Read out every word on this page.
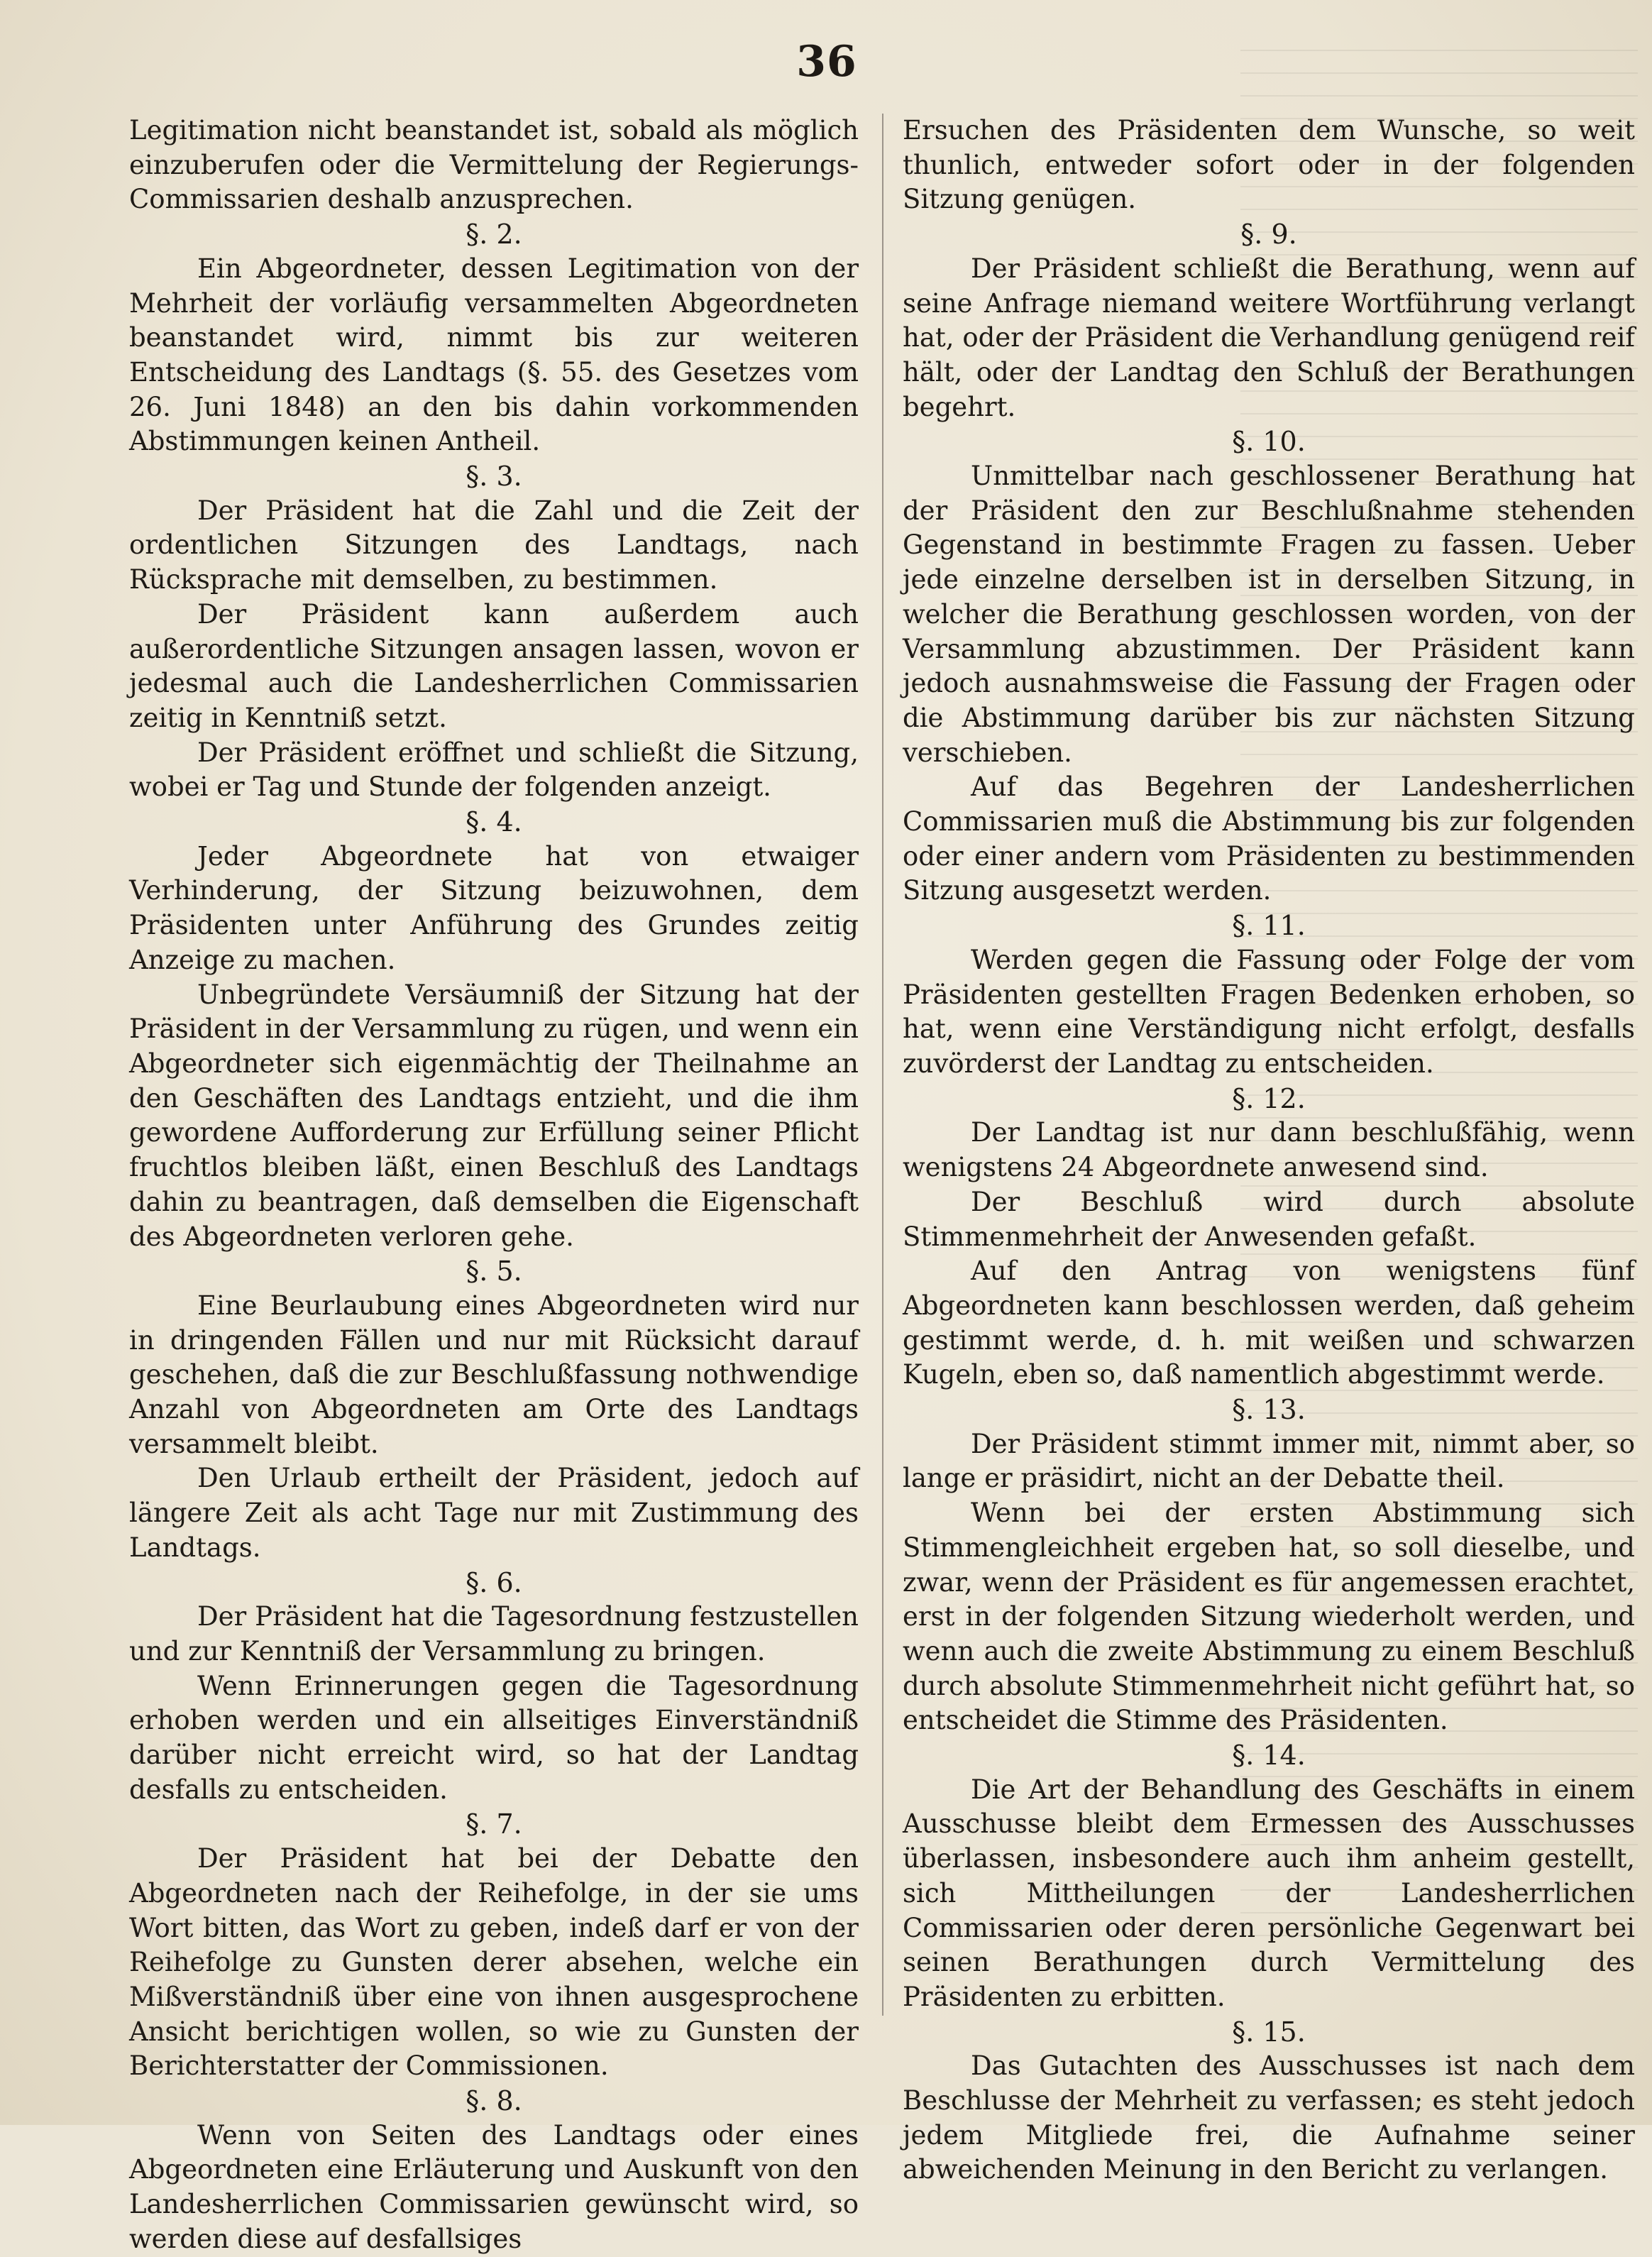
36

Legitimation nicht beanstandet ist, sobald als möglich einzuberufen oder die Vermittelung der Regierungs-Commissarien deshalb anzusprechen.

§. 2.

Ein Abgeordneter, dessen Legitimation von der Mehrheit der vorläufig versammelten Abgeordneten beanstandet wird, nimmt bis zur weiteren Entscheidung des Landtags (§. 55. des Gesetzes vom 26. Juni 1848) an den bis dahin vorkommenden Abstimmungen keinen Antheil.

§. 3.

Der Präsident hat die Zahl und die Zeit der ordentlichen Sitzungen des Landtags, nach Rücksprache mit demselben, zu bestimmen.

Der Präsident kann außerdem auch außerordentliche Sitzungen ansagen lassen, wovon er jedesmal auch die Landesherrlichen Commissarien zeitig in Kenntniß setzt.

Der Präsident eröffnet und schließt die Sitzung, wobei er Tag und Stunde der folgenden anzeigt.

§. 4.

Jeder Abgeordnete hat von etwaiger Verhinderung, der Sitzung beizuwohnen, dem Präsidenten unter Anführung des Grundes zeitig Anzeige zu machen.

Unbegründete Versäumniß der Sitzung hat der Präsident in der Versammlung zu rügen, und wenn ein Abgeordneter sich eigenmächtig der Theilnahme an den Geschäften des Landtags entzieht, und die ihm gewordene Aufforderung zur Erfüllung seiner Pflicht fruchtlos bleiben läßt, einen Beschluß des Landtags dahin zu beantragen, daß demselben die Eigenschaft des Abgeordneten verloren gehe.

§. 5.

Eine Beurlaubung eines Abgeordneten wird nur in dringenden Fällen und nur mit Rücksicht darauf geschehen, daß die zur Beschlußfassung nothwendige Anzahl von Abgeordneten am Orte des Landtags versammelt bleibt.

Den Urlaub ertheilt der Präsident, jedoch auf längere Zeit als acht Tage nur mit Zustimmung des Landtags.

§. 6.

Der Präsident hat die Tagesordnung festzustellen und zur Kenntniß der Versammlung zu bringen.

Wenn Erinnerungen gegen die Tagesordnung erhoben werden und ein allseitiges Einverständniß darüber nicht erreicht wird, so hat der Landtag desfalls zu entscheiden.

§. 7.

Der Präsident hat bei der Debatte den Abgeordneten nach der Reihefolge, in der sie ums Wort bitten, das Wort zu geben, indeß darf er von der Reihefolge zu Gunsten derer absehen, welche ein Mißverständniß über eine von ihnen ausgesprochene Ansicht berichtigen wollen, so wie zu Gunsten der Berichterstatter der Commissionen.

§. 8.

Wenn von Seiten des Landtags oder eines Abgeordneten eine Erläuterung und Auskunft von den Landesherrlichen Commissarien gewünscht wird, so werden diese auf desfallsiges

Ersuchen des Präsidenten dem Wunsche, so weit thunlich, entweder sofort oder in der folgenden Sitzung genügen.

§. 9.

Der Präsident schließt die Berathung, wenn auf seine Anfrage niemand weitere Wortführung verlangt hat, oder der Präsident die Verhandlung genügend reif hält, oder der Landtag den Schluß der Berathungen begehrt.

§. 10.

Unmittelbar nach geschlossener Berathung hat der Präsident den zur Beschlußnahme stehenden Gegenstand in bestimmte Fragen zu fassen. Ueber jede einzelne derselben ist in derselben Sitzung, in welcher die Berathung geschlossen worden, von der Versammlung abzustimmen. Der Präsident kann jedoch ausnahmsweise die Fassung der Fragen oder die Abstimmung darüber bis zur nächsten Sitzung verschieben.

Auf das Begehren der Landesherrlichen Commissarien muß die Abstimmung bis zur folgenden oder einer andern vom Präsidenten zu bestimmenden Sitzung ausgesetzt werden.

§. 11.

Werden gegen die Fassung oder Folge der vom Präsidenten gestellten Fragen Bedenken erhoben, so hat, wenn eine Verständigung nicht erfolgt, desfalls zuvörderst der Landtag zu entscheiden.

§. 12.

Der Landtag ist nur dann beschlußfähig, wenn wenigstens 24 Abgeordnete anwesend sind.

Der Beschluß wird durch absolute Stimmenmehrheit der Anwesenden gefaßt.

Auf den Antrag von wenigstens fünf Abgeordneten kann beschlossen werden, daß geheim gestimmt werde, d. h. mit weißen und schwarzen Kugeln, eben so, daß namentlich abgestimmt werde.

§. 13.

Der Präsident stimmt immer mit, nimmt aber, so lange er präsidirt, nicht an der Debatte theil.

Wenn bei der ersten Abstimmung sich Stimmengleichheit ergeben hat, so soll dieselbe, und zwar, wenn der Präsident es für angemessen erachtet, erst in der folgenden Sitzung wiederholt werden, und wenn auch die zweite Abstimmung zu einem Beschluß durch absolute Stimmenmehrheit nicht geführt hat, so entscheidet die Stimme des Präsidenten.

§. 14.

Die Art der Behandlung des Geschäfts in einem Ausschusse bleibt dem Ermessen des Ausschusses überlassen, insbesondere auch ihm anheim gestellt, sich Mittheilungen der Landesherrlichen Commissarien oder deren persönliche Gegenwart bei seinen Berathungen durch Vermittelung des Präsidenten zu erbitten.

§. 15.

Das Gutachten des Ausschusses ist nach dem Beschlusse der Mehrheit zu verfassen; es steht jedoch jedem Mitgliede frei, die Aufnahme seiner abweichenden Meinung in den Bericht zu verlangen.
